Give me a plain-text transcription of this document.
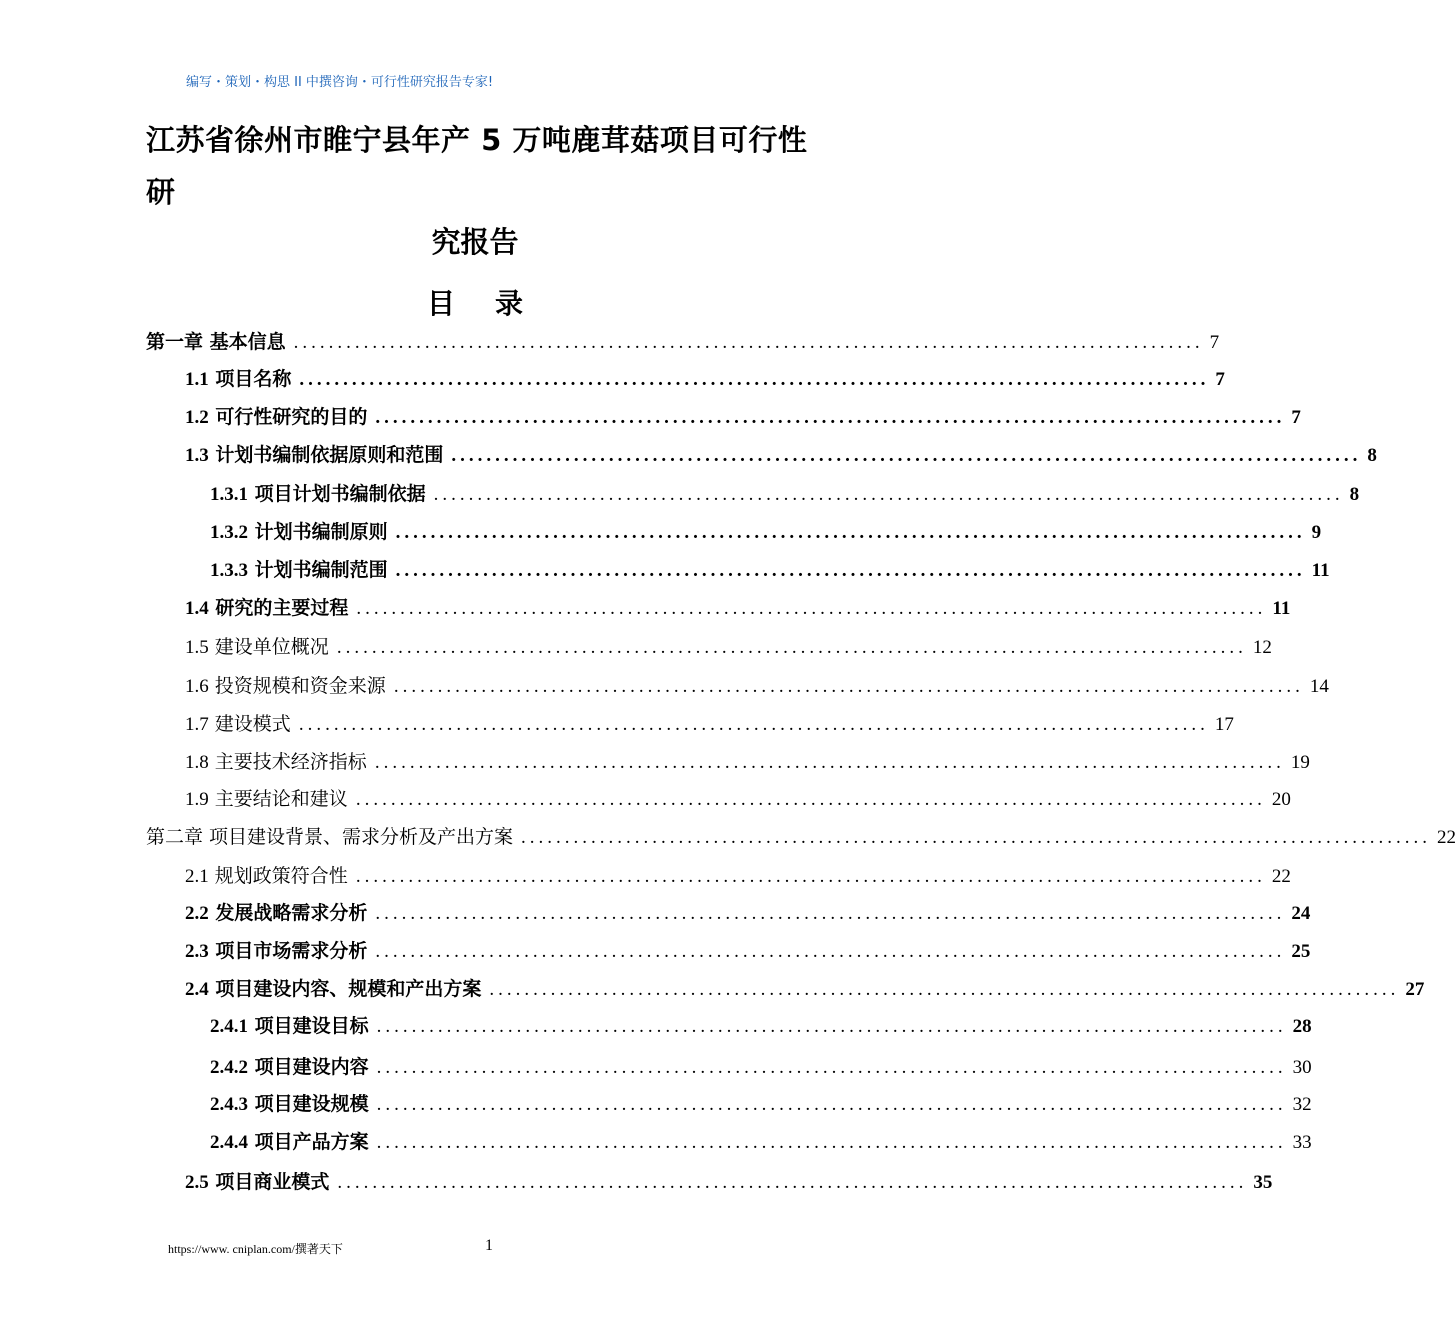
编写・策划・构思 II 中撰咨询・可行性研究报告专家!
江苏省徐州市睢宁县年产 5 万吨鹿茸菇项目可行性
研
究报告
目录
第一章 基本信息 ........................................................................................................ 7
1.1 项目名称 ........................................................................................................ 7
1.2 可行性研究的目的 ........................................................................................................ 7
1.3 计划书编制依据原则和范围 ........................................................................................................ 8
1.3.1 项目计划书编制依据 ........................................................................................................ 8
1.3.2 计划书编制原则 ........................................................................................................ 9
1.3.3 计划书编制范围 ........................................................................................................ 11
1.4 研究的主要过程 ........................................................................................................ 11
1.5 建设单位概况 ........................................................................................................ 12
1.6 投资规模和资金来源 ........................................................................................................ 14
1.7 建设模式 ........................................................................................................ 17
1.8 主要技术经济指标 ........................................................................................................ 19
1.9 主要结论和建议 ........................................................................................................ 20
第二章 项目建设背景、需求分析及产出方案 ........................................................................................................ 22
2.1 规划政策符合性 ........................................................................................................ 22
2.2 发展战略需求分析 ........................................................................................................ 24
2.3 项目市场需求分析 ........................................................................................................ 25
2.4 项目建设内容、规模和产出方案 ........................................................................................................ 27
2.4.1 项目建设目标 ........................................................................................................ 28
2.4.2 项目建设内容 ........................................................................................................ 30
2.4.3 项目建设规模 ........................................................................................................ 32
2.4.4 项目产品方案 ........................................................................................................ 33
2.5 项目商业模式 ........................................................................................................ 35
https://www. cniplan.com/撰著天下	1
